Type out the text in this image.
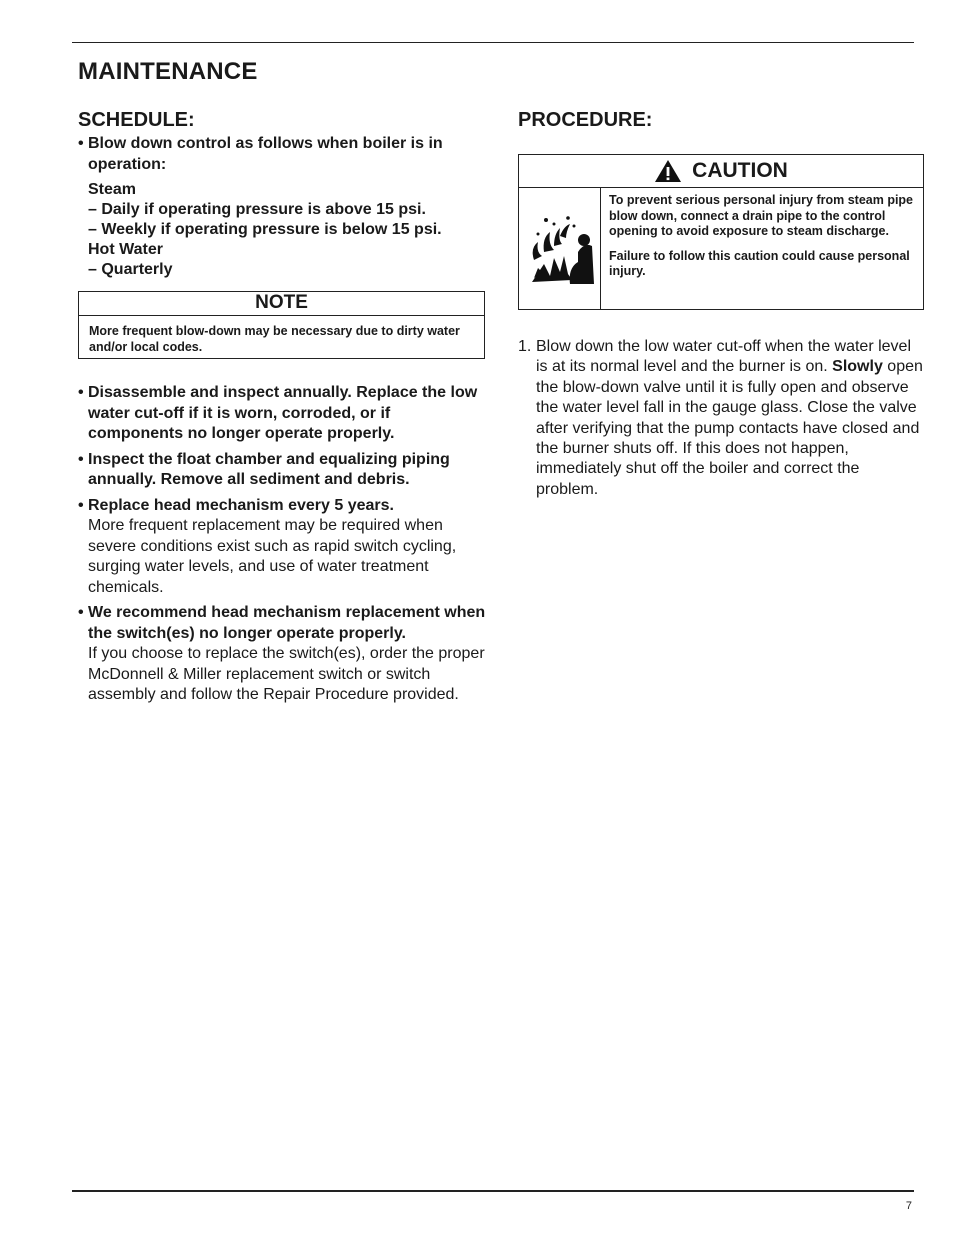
MAINTENANCE
SCHEDULE:
• Blow down control as follows when boiler is in operation:
Steam
– Daily if operating pressure is above 15 psi.
– Weekly if operating pressure is below 15 psi.
Hot Water
– Quarterly
NOTE
More frequent blow-down may be necessary due to dirty water and/or local codes.
• Disassemble and inspect annually. Replace the low water cut-off if it is worn, corroded, or if components no longer operate properly.
• Inspect the float chamber and equalizing piping annually. Remove all sediment and debris.
• Replace head mechanism every 5 years.
More frequent replacement may be required when severe conditions exist such as rapid switch cycling, surging water levels, and use of water treatment chemicals.
• We recommend head mechanism replacement when the switch(es) no longer operate properly.
If you choose to replace the switch(es), order the proper McDonnell & Miller replacement switch or switch assembly and follow the Repair Procedure provided.
PROCEDURE:
CAUTION

To prevent serious personal injury from steam pipe blow down, connect a drain pipe to the control opening to avoid exposure to steam discharge.

Failure to follow this caution could cause personal injury.

1. Blow down the low water cut-off when the water level is at its normal level and the burner is on. Slowly open the blow-down valve until it is fully open and observe the water level fall in the gauge glass. Close the valve after verifying that the pump contacts have closed and the burner shuts off. If this does not happen, immediately shut off the boiler and correct the problem.
7
